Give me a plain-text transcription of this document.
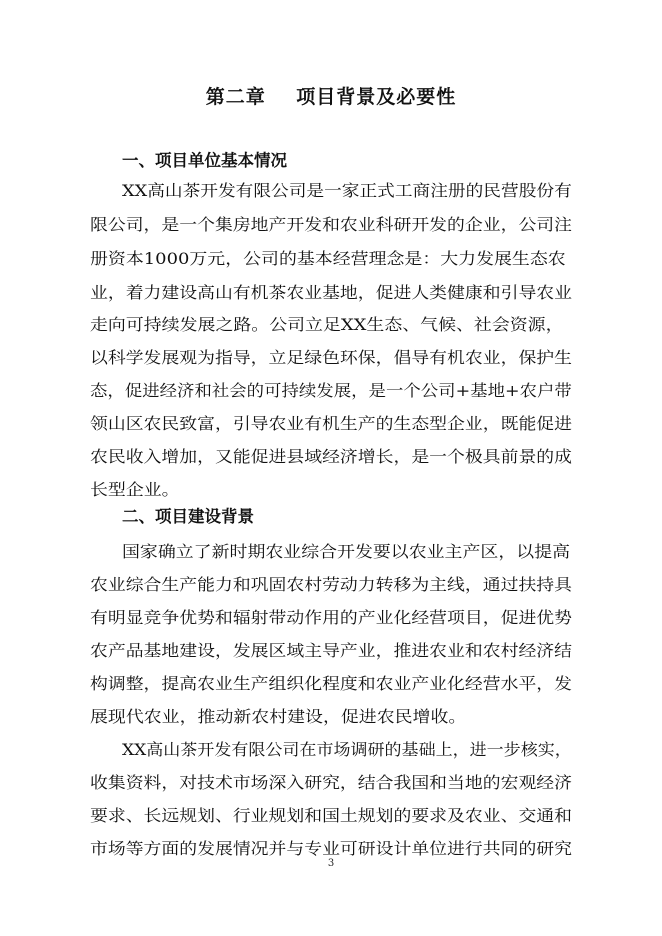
第二章    项目背景及必要性
一、项目单位基本情况
XX高山茶开发有限公司是一家正式工商注册的民营股份有
限公司，是一个集房地产开发和农业科研开发的企业，公司注
册资本1000万元，公司的基本经营理念是：大力发展生态农
业，着力建设高山有机茶农业基地，促进人类健康和引导农业
走向可持续发展之路。公司立足XX生态、气候、社会资源，
以科学发展观为指导，立足绿色环保，倡导有机农业，保护生
态，促进经济和社会的可持续发展，是一个公司+基地+农户带
领山区农民致富，引导农业有机生产的生态型企业，既能促进
农民收入增加，又能促进县域经济增长，是一个极具前景的成
长型企业。
二、项目建设背景
国家确立了新时期农业综合开发要以农业主产区，以提高
农业综合生产能力和巩固农村劳动力转移为主线，通过扶持具
有明显竞争优势和辐射带动作用的产业化经营项目，促进优势
农产品基地建设，发展区域主导产业，推进农业和农村经济结
构调整，提高农业生产组织化程度和农业产业化经营水平，发
展现代农业，推动新农村建设，促进农民增收。
XX高山茶开发有限公司在市场调研的基础上，进一步核实，
收集资料，对技术市场深入研究，结合我国和当地的宏观经济
要求、长远规划、行业规划和国土规划的要求及农业、交通和
市场等方面的发展情况并与专业可研设计单位进行共同的研究
3
